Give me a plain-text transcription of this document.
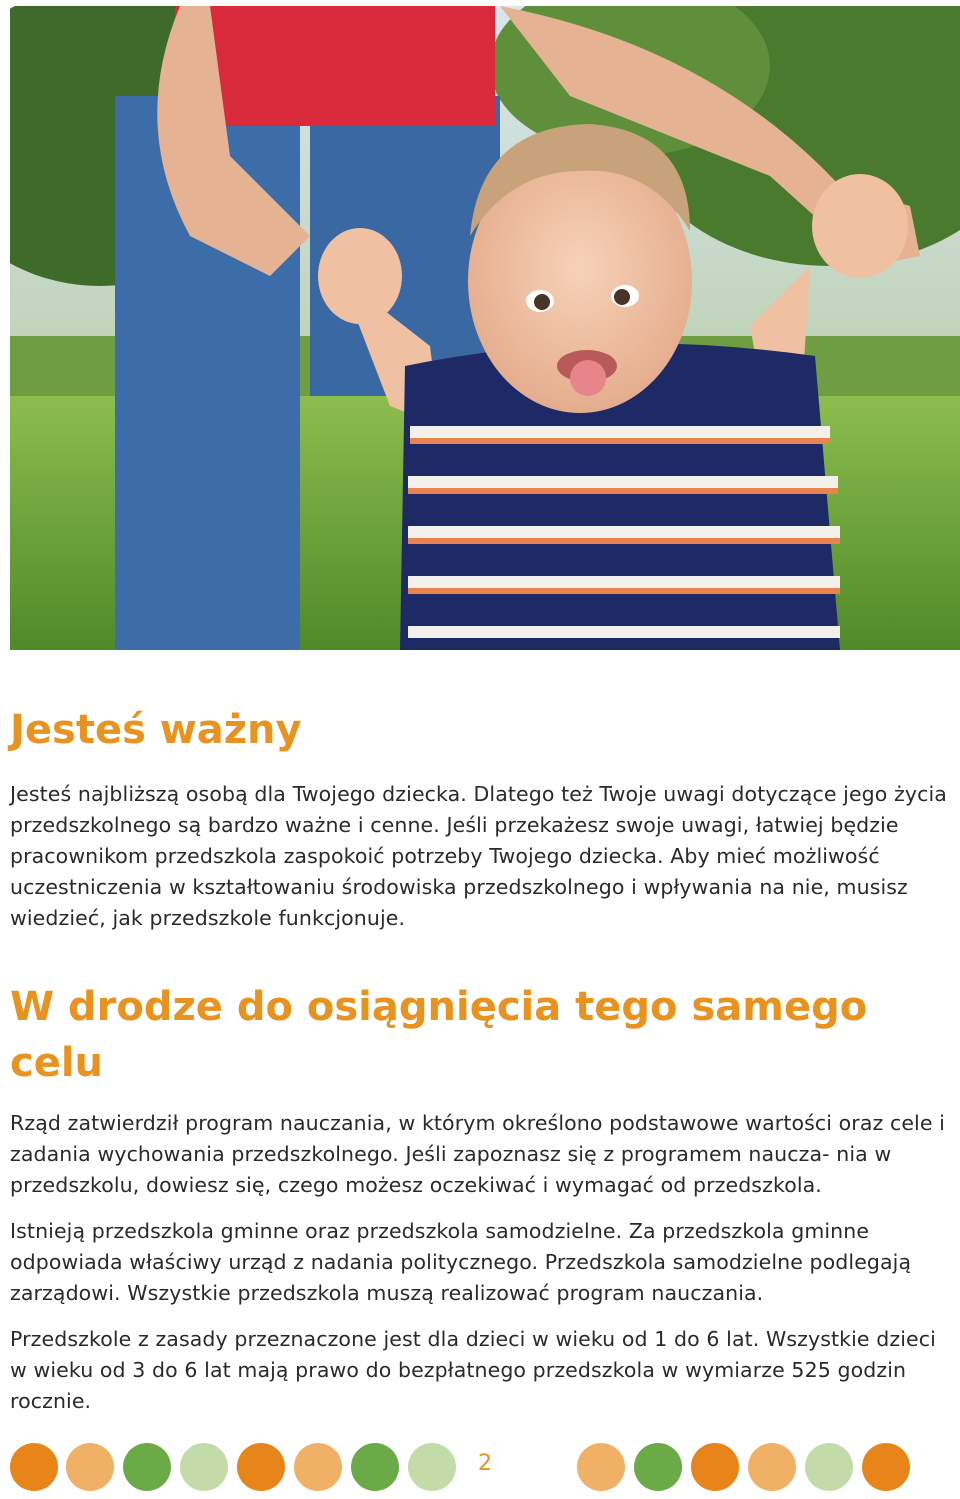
Jesteś ważny

Jesteś najbliższą osobą dla Twojego dziecka. Dlatego też Twoje uwagi dotyczące jego życia przedszkolnego są bardzo ważne i cenne. Jeśli przekażesz swoje uwagi, łatwiej będzie pracownikom przedszkola zaspokoić potrzeby Twojego dziecka. Aby mieć możliwość uczestniczenia w kształtowaniu środowiska przedszkolnego i wpływania na nie, musisz wiedzieć, jak przedszkole funkcjonuje.

W drodze do osiągnięcia tego samego celu

Rząd zatwierdził program nauczania, w którym określono podstawowe wartości oraz cele i zadania wychowania przedszkolnego. Jeśli zapoznasz się z programem naucza- nia w przedszkolu, dowiesz się, czego możesz oczekiwać i wymagać od przedszkola.

Istnieją przedszkola gminne oraz przedszkola samodzielne. Za przedszkola gminne odpowiada właściwy urząd z nadania politycznego. Przedszkola samodzielne podlegają zarządowi. Wszystkie przedszkola muszą realizować program nauczania.

Przedszkole z zasady przeznaczone jest dla dzieci w wieku od 1 do 6 lat. Wszystkie dzieci w wieku od 3 do 6 lat mają prawo do bezpłatnego przedszkola w wymiarze 525 godzin rocznie.

2
